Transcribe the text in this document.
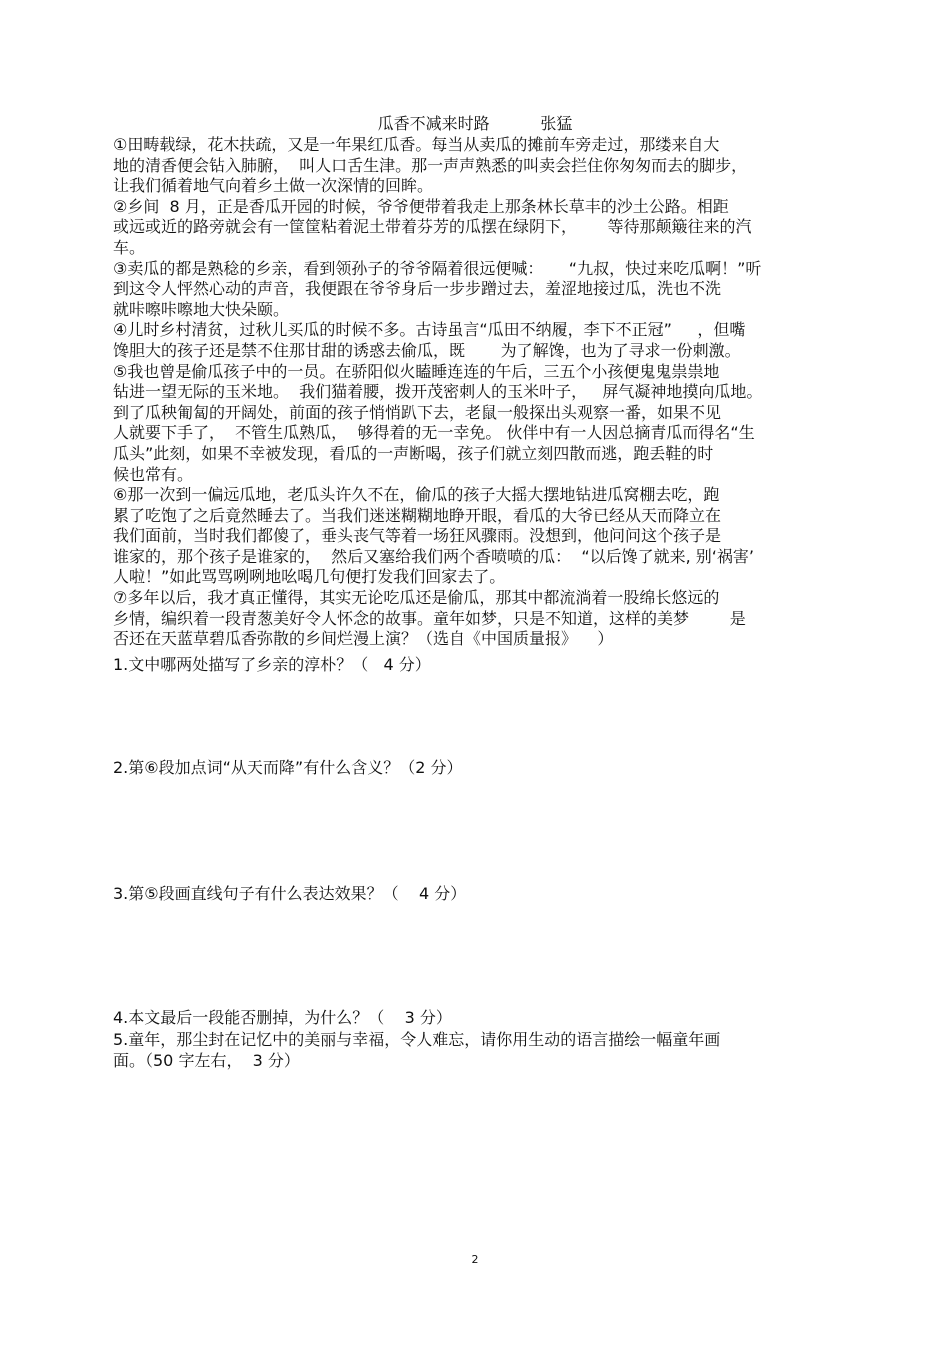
瓜香不减来时路          张猛
①田畴载绿，花木扶疏，又是一年果红瓜香。每当从卖瓜的摊前车旁走过，那缕来自大
地的清香便会钻入肺腑，  叫人口舌生津。那一声声熟悉的叫卖会拦住你匆匆而去的脚步，
让我们循着地气向着乡土做一次深情的回眸。
②乡间  8 月，正是香瓜开园的时候，爷爷便带着我走上那条林长草丰的沙土公路。相距
或远或近的路旁就会有一筐筐粘着泥土带着芬芳的瓜摆在绿阴下，      等待那颠簸往来的汽
车。
③卖瓜的都是熟稔的乡亲，看到领孙子的爷爷隔着很远便喊：     “九叔，快过来吃瓜啊！”听
到这令人怦然心动的声音，我便跟在爷爷身后一步步蹭过去，羞涩地接过瓜，洗也不洗
就咔嚓咔嚓地大快朵颐。
④儿时乡村清贫，过秋儿买瓜的时候不多。古诗虽言“瓜田不纳履，李下不正冠”     ，但嘴
馋胆大的孩子还是禁不住那甘甜的诱惑去偷瓜，既       为了解馋，也为了寻求一份刺激。
⑤我也曾是偷瓜孩子中的一员。在骄阳似火瞌睡连连的午后，三五个小孩便鬼鬼祟祟地
钻进一望无际的玉米地。  我们猫着腰，拨开茂密刺人的玉米叶子，   屏气凝神地摸向瓜地。
到了瓜秧匍匐的开阔处，前面的孩子悄悄趴下去，老鼠一般探出头观察一番，如果不见
人就要下手了，  不管生瓜熟瓜，  够得着的无一幸免。 伙伴中有一人因总摘青瓜而得名“生
瓜头”此刻，如果不幸被发现，看瓜的一声断喝，孩子们就立刻四散而逃，跑丢鞋的时
候也常有。
⑥那一次到一偏远瓜地，老瓜头许久不在，偷瓜的孩子大摇大摆地钻进瓜窝棚去吃，跑
累了吃饱了之后竟然睡去了。当我们迷迷糊糊地睁开眼，看瓜的大爷已经从天而降立在
我们面前，当时我们都傻了，垂头丧气等着一场狂风骤雨。没想到，他问问这个孩子是
谁家的，那个孩子是谁家的，  然后又塞给我们两个香喷喷的瓜：  “以后馋了就来, 别‘祸害’
人啦！”如此骂骂咧咧地吆喝几句便打发我们回家去了。
⑦多年以后，我才真正懂得，其实无论吃瓜还是偷瓜，那其中都流淌着一股绵长悠远的
乡情，编织着一段青葱美好令人怀念的故事。童年如梦，只是不知道，这样的美梦        是
否还在天蓝草碧瓜香弥散的乡间烂漫上演？（选自《中国质量报》    ）
1.文中哪两处描写了乡亲的淳朴？（   4 分）
2.第⑥段加点词“从天而降”有什么含义？（2 分）
3.第⑤段画直线句子有什么表达效果？（    4 分）
4.本文最后一段能否删掉，为什么？（    3 分）
5.童年，那尘封在记忆中的美丽与幸福，令人难忘，请你用生动的语言描绘一幅童年画
面。（50 字左右，  3 分）
2
